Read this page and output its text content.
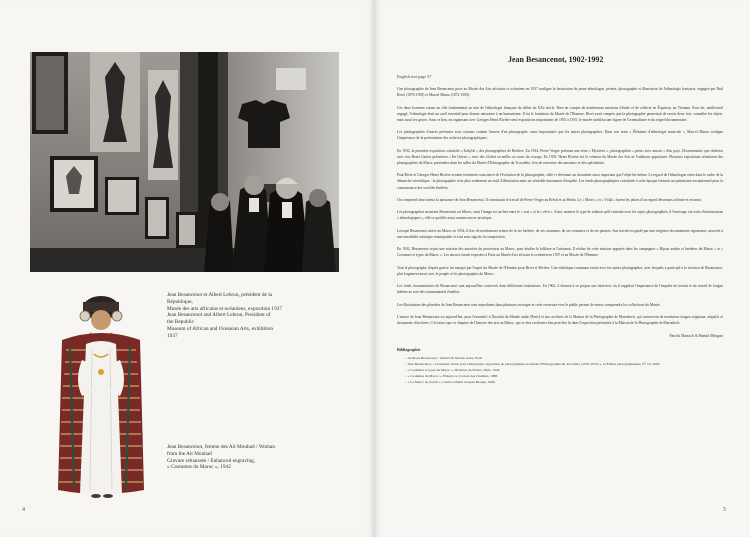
Jean Besancenot et Albert Lebrun, président de la

République,

Musée des arts africains et océaniens, exposition 1937

Jean Besancenot and Albert Lebrun, President of

the Republic

Museum of African and Oceanian Arts, exhibition

1937

Jean Besancenot, femme des Aït Mouhad / Woman

from the Ait Mouhad

Gravure rehaussée / Enhanced engraving,

« Costumes du Maroc », 1942

4	5
Jean Besancenot, 1902-1992
English text page 37

Une photographie de Jean Besancenot prise au Musée des Arts africains et océaniens en 1937 souligne la fascination du jeune ethnologue, peintre, photographe et illustrateur de l'ethnologie française, engagée par Paul Rivet (1876-1958) et Marcel Mauss (1872-1950).

Ces deux hommes eurent un rôle fondamental au sein de l'ethnologie française du début du XXe siècle. Rien ne compte de nombreuses missions d'étude et de collecte en Équateur, au Vietnam. Pour lui, intellectuel engagé, l'ethnologie était un outil essentiel pour donner naissance à un humanisme. Il fut le fondateur du Musée de l'Homme. Rivet avait compris que la photographie permettait de savoir deux fois: connaître les objets, mais aussi les gestes. Sans ce lien, en organisant avec Georges Henri Rivière neuf expositions importantes de 1933 à 1935, le musée mobilisa une figure de l'orientalisme et du regard documentaire.

Les photographies d'autres présentes sont connues comme l'œuvre d'un photographe, aussi importantes que les autres photographies. Dans son texte « Éléments d'ethnologie musicale », Marcel Mauss souligne l'importance de la présentation des archives photographiques.

En 1932, la première exposition coloniale « Kabylie » des photographies de Berbère. En 1934, Pierre Verger présenta une série « Mystères », photographies « prises avec amour » d'un pays. Documentaire que réalisera avec eux Henri Cartier présentera « En Orient », avec des clichés recueillis au cours du voyage. En 1935, Henri Rivière fut le créateur du Musée des Arts et Traditions populaires. Plusieurs expositions réunissent des photographies du Maroc présentées dans les salles du Musée d'Ethnographie du Trocadéro, lieu de rencontre des amateurs et des spécialistes.

Paul Rivet et Georges Henri Rivière avaient fortement conscience de l'évolution de la photographie, celle-ci devenant un document aussi important que l'objet lui-même. Le regard de l'ethnologue entre dans le cadre de la démarche scientifique : la photographie n'est plus seulement un outil d'illustration mais un véritable instrument d'enquête. Les fonds photographiques constitués à cette époque forment un patrimoine exceptionnel pour la connaissance des sociétés étudiées.

On comprend ainsi mieux la naissance de Jean Besancenot. Il connaissait le travail de Pierre Verger au Brésil et au Bénin. Le « Maroc » et « Voilà » furent les jalons d'un regard désormais affirmé et reconnu.

Les photographies montrent Besancenot au Maroc, ainsi l'image est un lien entre le « vrai » et le « rêvé ». Ainsi, montrer le type de relation qu'il entretint avec les sujets photographiés, il l'envisage via riche d'informations « ethnologiques », elle se qualifie aussi comme œuvre artistique.

Lorsque Besancenot arrive au Maroc en 1934, il fixe de nombreuses scènes de la vie berbère, de ses coutumes, de ses costumes et de ses parures. Son travail est guidé par une exigence documentaire rigoureuse, associée à une sensibilité artistique remarquable et à un sens aigu de la composition.

En 1942, Besancenot reçoit une mission des autorités du protectorat au Maroc, pour étudier le folklore et l'artisanat. Il réalise de cette mission appuyée dans les campagnes « Bijoux arabes et berbères du Maroc » et « Costumes et types du Maroc ». Les œuvres furent exposées à Paris au Musée d'art africain et océanien en 1937 et au Musée de l'Homme.

Tout le photographe d'après guerre fut marqué par l'esprit du Musée de l'Homme pour Rivet et Rivière. Une esthétique commune existe avec les autres photographes, avec lesquels a participé à la création de Besancenot, plus largement aussi avec le peuple et les photographes du Maroc.

Les fonds documentaires de Besancenot sont aujourd'hui conservés dans différentes institutions. En 1962, il donnait à ce propos une interview où il rappelait l'importance de l'enquête de terrain et du travail de longue haleine au sein des communautés étudiées.

Les illustrations des planches de Jean Besancenot sont reproduites dans plusieurs ouvrages et cette ouverture vers le public permet de mieux comprendre les collections du Musée.

L'œuvre de Jean Besancenot est aujourd'hui, pour l'essentiel, à l'Institut du Monde arabe (Paris) et aux archives de la Maison de la Photographie de Marrakech, qui conservent de nombreux tirages originaux, négatifs et documents d'archives. C'est ainsi que ce chapitre de l'histoire des arts au Maroc, qui se fera en dernier lieu peut être lu dans l'exposition présentée à la Maison de la Photographie de Marrakech.

Patrick Manac'h & Hamid Mergani
Bibliographie
– Archives Besancenot : Institut du Monde arabe, Paris
– Jean Besancenot, « Un musée vivant pour l'ethnologie: exposition de photographies au musée d'Ethnographie du Trocadéro (1933-1935) », in Études photographiques, N° 16, 2005.
– « Costumes et types du Maroc », Horizons de France, Paris, 1942.
– « Costumes du Maroc », Édisud, La Croisée des Chemins, 1988.
– « Le Maroc au travail », Centre culturel Jacques Berque, 1990.
